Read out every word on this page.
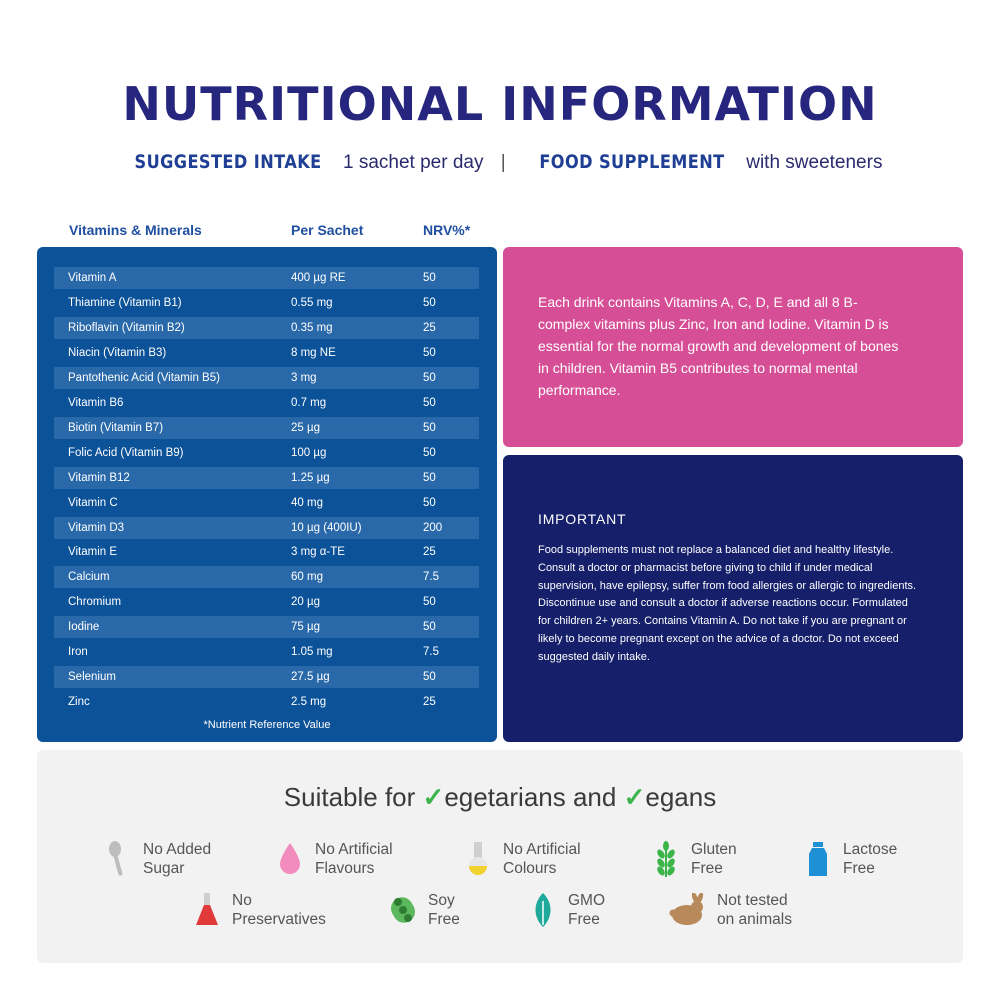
NUTRITIONAL INFORMATION
SUGGESTED INTAKE 1 sachet per day | FOOD SUPPLEMENT with sweeteners
Vitamins & Minerals	Per Sachet	NRV%*
Vitamin A	400 µg RE	50
Thiamine (Vitamin B1)	0.55 mg	50
Riboflavin (Vitamin B2)	0.35 mg	25
Niacin (Vitamin B3)	8 mg NE	50
Pantothenic Acid (Vitamin B5)	3 mg	50
Vitamin B6	0.7 mg	50
Biotin (Vitamin B7)	25 µg	50
Folic Acid (Vitamin B9)	100 µg	50
Vitamin B12	1.25 µg	50
Vitamin C	40 mg	50
Vitamin D3	10 µg (400IU)	200
Vitamin E	3 mg α-TE	25
Calcium	60 mg	7.5
Chromium	20 µg	50
Iodine	75 µg	50
Iron	1.05 mg	7.5
Selenium	27.5 µg	50
Zinc	2.5 mg	25
*Nutrient Reference Value
Each drink contains Vitamins A, C, D, E and all 8 B-complex vitamins plus Zinc, Iron and Iodine. Vitamin D is essential for the normal growth and development of bones in children. Vitamin B5 contributes to normal mental performance.
IMPORTANT
Food supplements must not replace a balanced diet and healthy lifestyle. Consult a doctor or pharmacist before giving to child if under medical supervision, have epilepsy, suffer from food allergies or allergic to ingredients. Discontinue use and consult a doctor if adverse reactions occur. Formulated for children 2+ years. Contains Vitamin A. Do not take if you are pregnant or likely to become pregnant except on the advice of a doctor. Do not exceed suggested daily intake.
Suitable for ✓egetarians and ✓egans
No Added
Sugar
No Artificial
Flavours
No Artificial
Colours
Gluten
Free
Lactose
Free
No
Preservatives
Soy
Free
GMO
Free
Not tested
on animals
